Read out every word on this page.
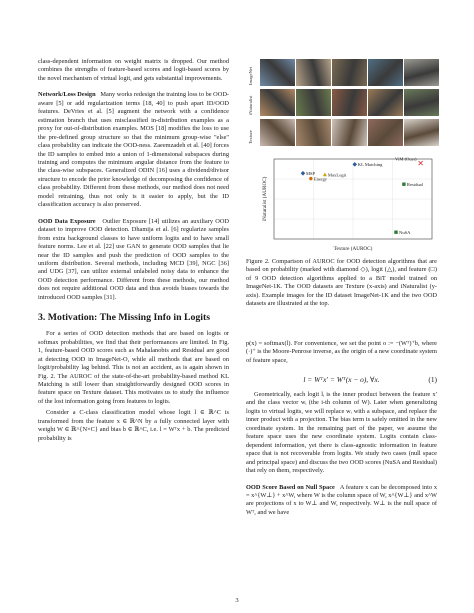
class-dependent information on weight matrix is dropped. Our method combines the strengths of feature-based scores and logit-based scores by the novel mechanism of virtual logit, and gets substantial improvements.

Network/Loss Design Many works redesign the training loss to be OOD-aware [5] or add regularization terms [18, 40] to push apart ID/OOD features. DeVries et al. [5] augment the network with a confidence estimation branch that uses misclassified in-distribution examples as a proxy for out-of-distribution examples. MOS [18] modifies the loss to use the pre-defined group structure so that the minimum group-wise "else" class probability can indicate the OOD-ness. Zaeemzadeh et al. [40] forces the ID samples to embed into a union of 1-dimensional subspaces during training and computes the minimum angular distance from the feature to the class-wise subspaces. Generalized ODIN [16] uses a dividend/divisor structure to encode the prior knowledge of decomposing the confidence of class probability. Different from these methods, our method does not need model retraining, thus not only is it easier to apply, but the ID classification accuracy is also preserved.

OOD Data Exposure Outlier Exposure [14] utilizes an auxiliary OOD dataset to improve OOD detection. Dhamija et al. [6] regularize samples from extra background classes to have uniform logits and to have small feature norms. Lee et al. [22] use GAN to generate OOD samples that lie near the ID samples and push the prediction of OOD samples to the uniform distribution. Several methods, including MCD [39], NGC [36] and UDG [37], can utilize external unlabeled noisy data to enhance the OOD detection performance. Different from these methods, our method does not require additional OOD data and thus avoids biases towards the introduced OOD samples [31].

3. Motivation: The Missing Info in Logits

For a series of OOD detection methods that are based on logits or softmax probabilities, we find that their performances are limited. In Fig. 1, feature-based OOD scores such as Mahalanobis and Residual are good at detecting OOD in ImageNet-O, while all methods that are based on logit/probability lag behind. This is not an accident, as is again shown in Fig. 2. The AUROC of the state-of-the-art probability-based method KL Matching is still lower than straightforwardly designed OOD scores in feature space on Texture dataset. This motivates us to study the influence of the lost information going from features to logits.

Consider a C-class classification model whose logit l ∈ ℝ^C is transformed from the feature x ∈ ℝ^N by a fully connected layer with weight W ∈ ℝ^{N×C} and bias b ∈ ℝ^C, i.e. l = Wᵀx + b. The predicted probability is

ImageNet
iNaturalist
Texture
Texture (AUROC)
iNaturalist (AUROC)
✕
ViM (Ours)
KL Matching
MSP	MaxLogit
Energy
Residual
NuSA

Figure 2. Comparison of AUROC for OOD detection algorithms that are based on probability (marked with diamond ◇), logit (△), and feature (□) of 9 OOD detection algorithms applied to a BiT model trained on ImageNet-1K. The OOD datasets are Texture (x-axis) and iNaturalist (y-axis). Example images for the ID dataset ImageNet-1K and the two OOD datasets are illustrated at the top.

p(x) = softmax(l). For convenience, we set the point o := −(Wᵀ)⁺b, where (·)⁺ is the Moore-Penrose inverse, as the origin of a new coordinate system of feature space,

l = Wᵀx′ = Wᵀ(x − o), ∀x.	(1)

Geometrically, each logit lᵢ is the inner product between the feature x′ and the class vector wᵢ (the i-th column of W). Later when generalizing logits to virtual logits, we will replace wᵢ with a subspace, and replace the inner product with a projection. The bias term is safely omitted in the new coordinate system. In the remaining part of the paper, we assume the feature space uses the new coordinate system. Logits contain class-dependent information, yet there is class-agnostic information in feature space that is not recoverable from logits. We study two cases (null space and principal space) and discuss the two OOD scores (NuSA and Residual) that rely on them, respectively.

OOD Score Based on Null Space A feature x can be decomposed into x = x^{W⊥} + x^W, where W is the column space of W, x^{W⊥} and x^W are projections of x to W⊥ and W, respectively. W⊥ is the null space of Wᵀ, and we have

3
